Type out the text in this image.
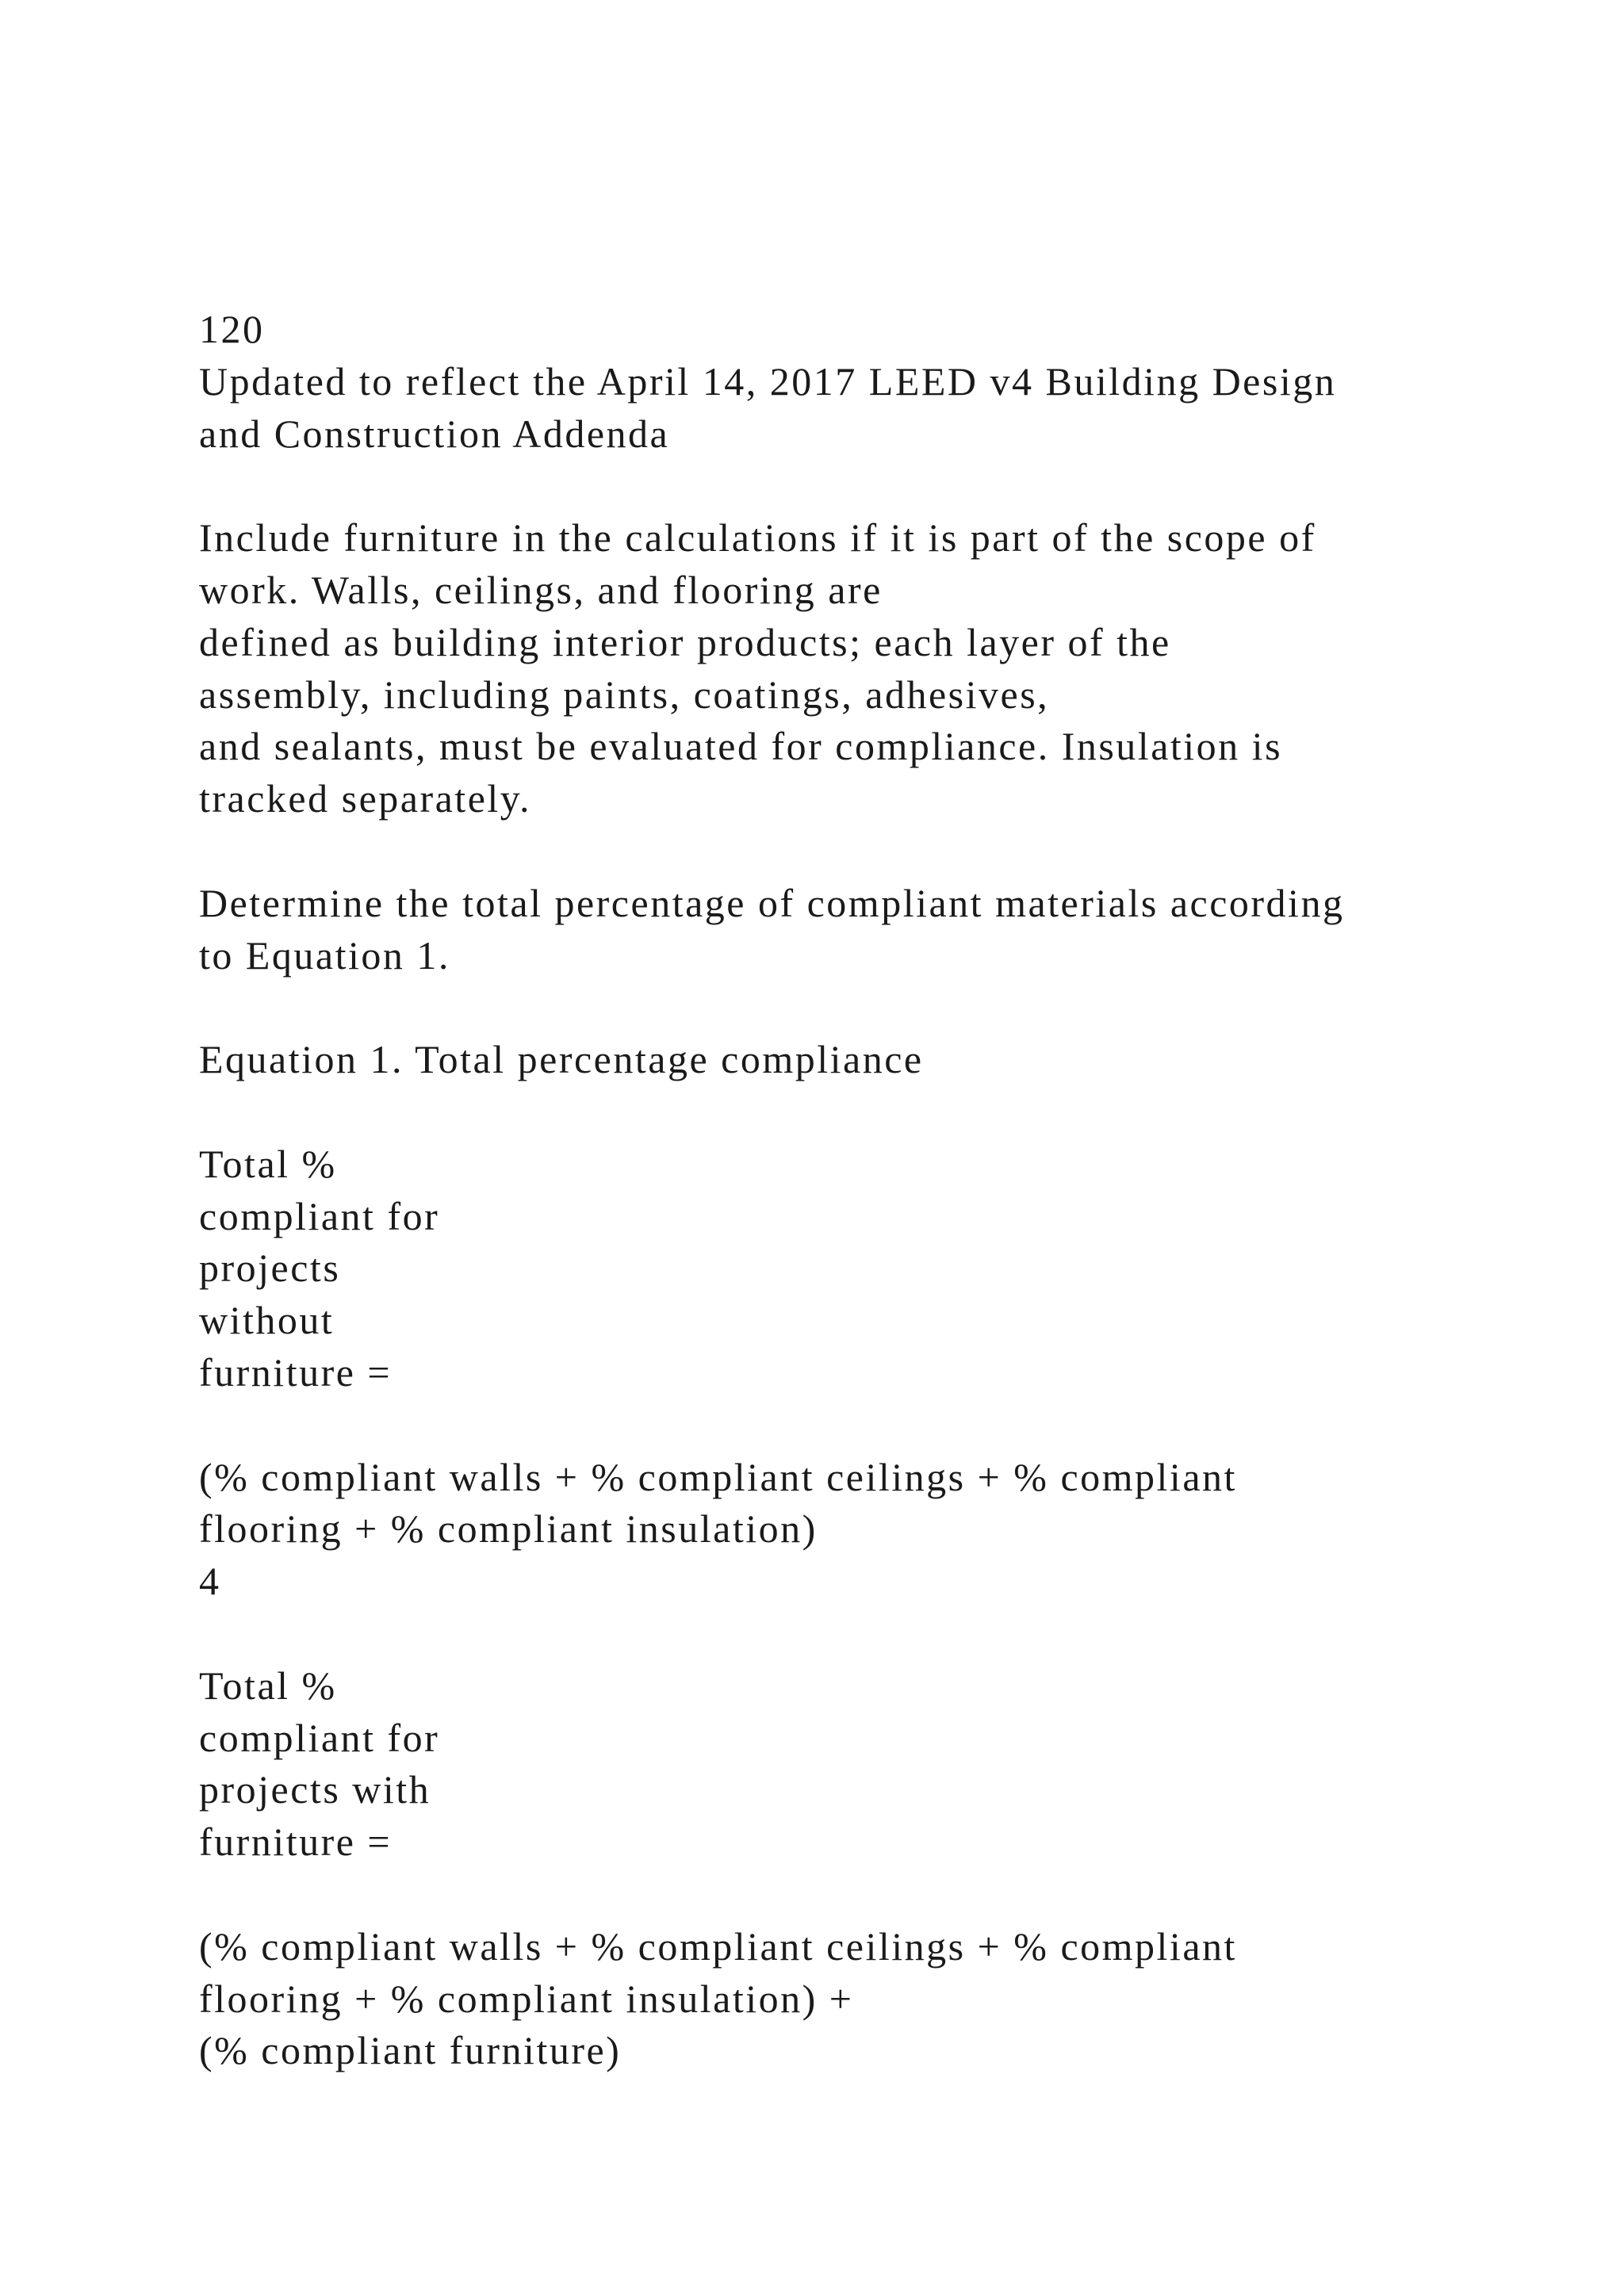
120
Updated to reflect the April 14, 2017 LEED v4 Building Design
and Construction Addenda
Include furniture in the calculations if it is part of the scope of
work. Walls, ceilings, and flooring are
defined as building interior products; each layer of the
assembly, including paints, coatings, adhesives,
and sealants, must be evaluated for compliance. Insulation is
tracked separately.
Determine the total percentage of compliant materials according
to Equation 1.
Equation 1. Total percentage compliance
Total %
compliant for
projects
without
furniture =
(% compliant walls + % compliant ceilings + % compliant
flooring + % compliant insulation)
4
Total %
compliant for
projects with
furniture =
(% compliant walls + % compliant ceilings + % compliant
flooring + % compliant insulation) +
(% compliant furniture)
